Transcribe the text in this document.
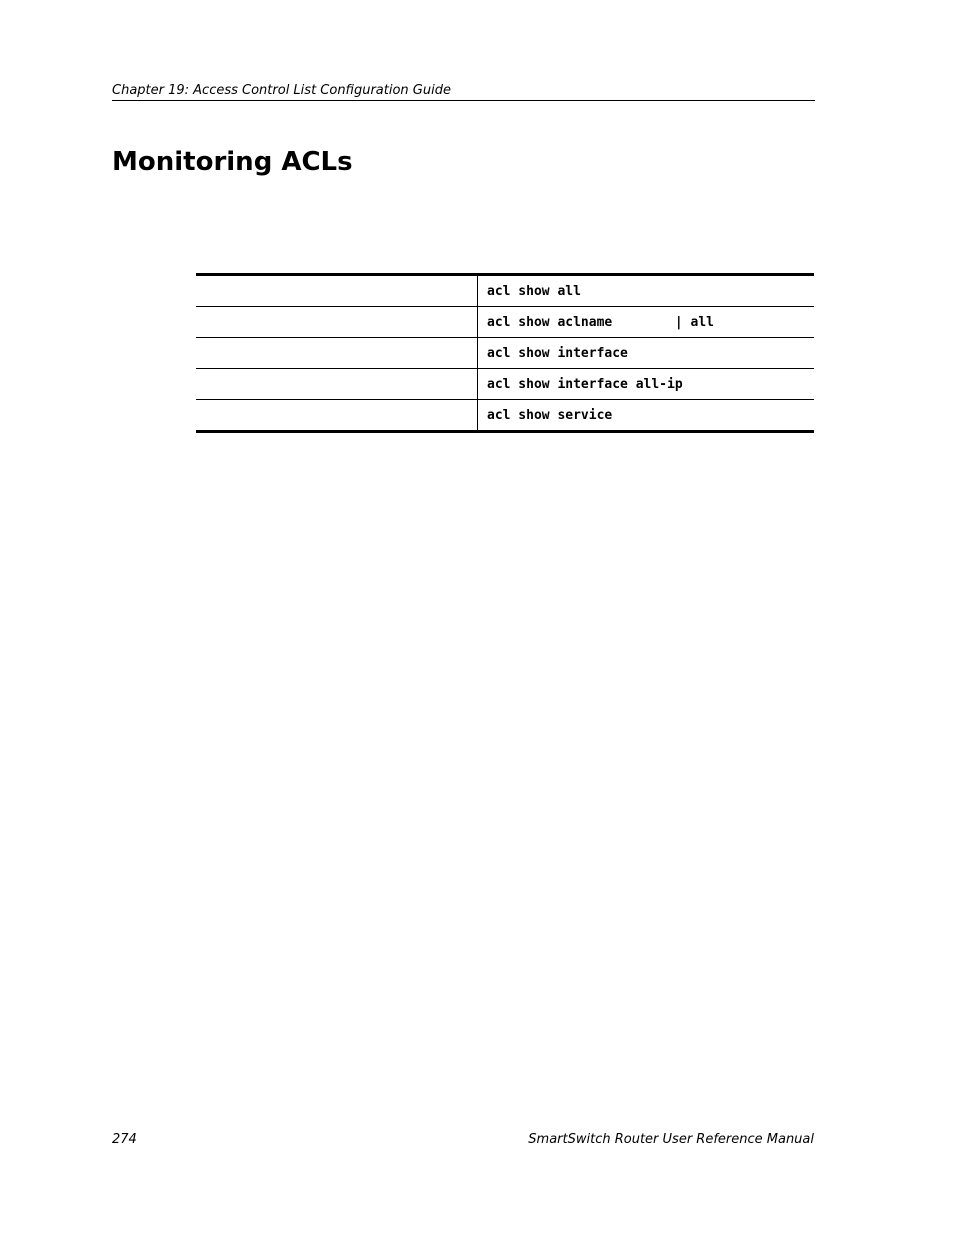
Chapter 19: Access Control List Configuration Guide
Monitoring ACLs
	acl show all
	acl show aclname        | all
	acl show interface
	acl show interface all-ip
	acl show service
274	SmartSwitch Router User Reference Manual
